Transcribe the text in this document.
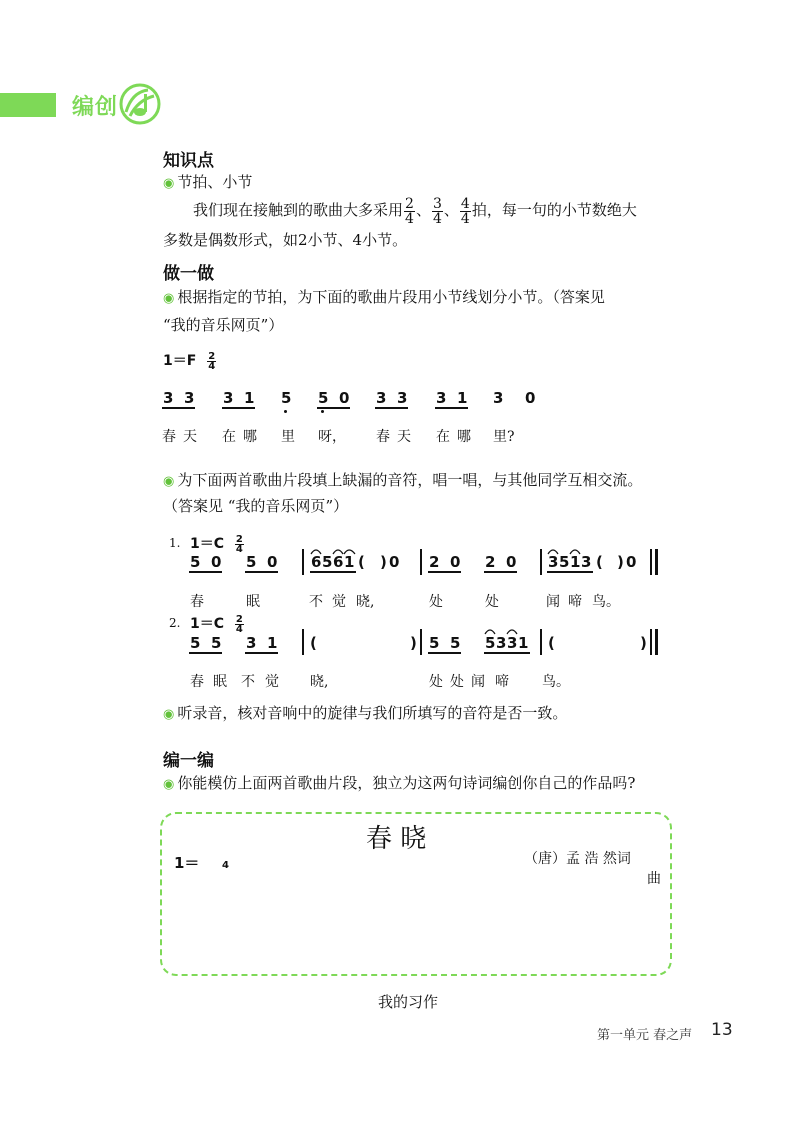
编创
知识点
◉ 节拍、小节
我们现在接触到的歌曲大多采用 $\frac{2}{4}$ 、 $\frac{3}{4}$ 、 $\frac{4}{4}$ 拍，每一句的小节数绝大
多数是偶数形式，如2小节、4小节。
做一做
◉ 根据指定的节拍，为下面的歌曲片段用小节线划分小节。（答案见
“我的音乐网页”）
$1=F \frac{2}{4}$
3 3 3 1 5 5 0 3 3 3 1 3 0
春 天 在 哪 里 呀， 春 天 在 哪 里?
◉ 为下面两首歌曲片段填上缺漏的音符，唱一唱，与其他同学互相交流。
（答案见 “我的音乐网页”）
1. $1=C \frac{2}{4}$
5 0 5 0 6 5 6 1 ( ) 0 2 0 2 0 3 5 1 3 ( ) 0
春	眠	不 觉 晓,	处	处	闻 啼 鸟。
2. $1=C \frac{2}{4}$
5 5 3 1 (	) 5 5 5 3 3 1 (	)
春 眠 不 觉 晓,	处 处 闻 啼 鸟。
◉ 听录音，核对音响中的旋律与我们所填写的音符是否一致。
编一编
◉ 你能模仿上面两首歌曲片段，独立为这两句诗词编创你自己的作品吗?
春 晓
1＝ 4	（唐）孟 浩 然词
曲
我的习作
第一单元 春之声 13
